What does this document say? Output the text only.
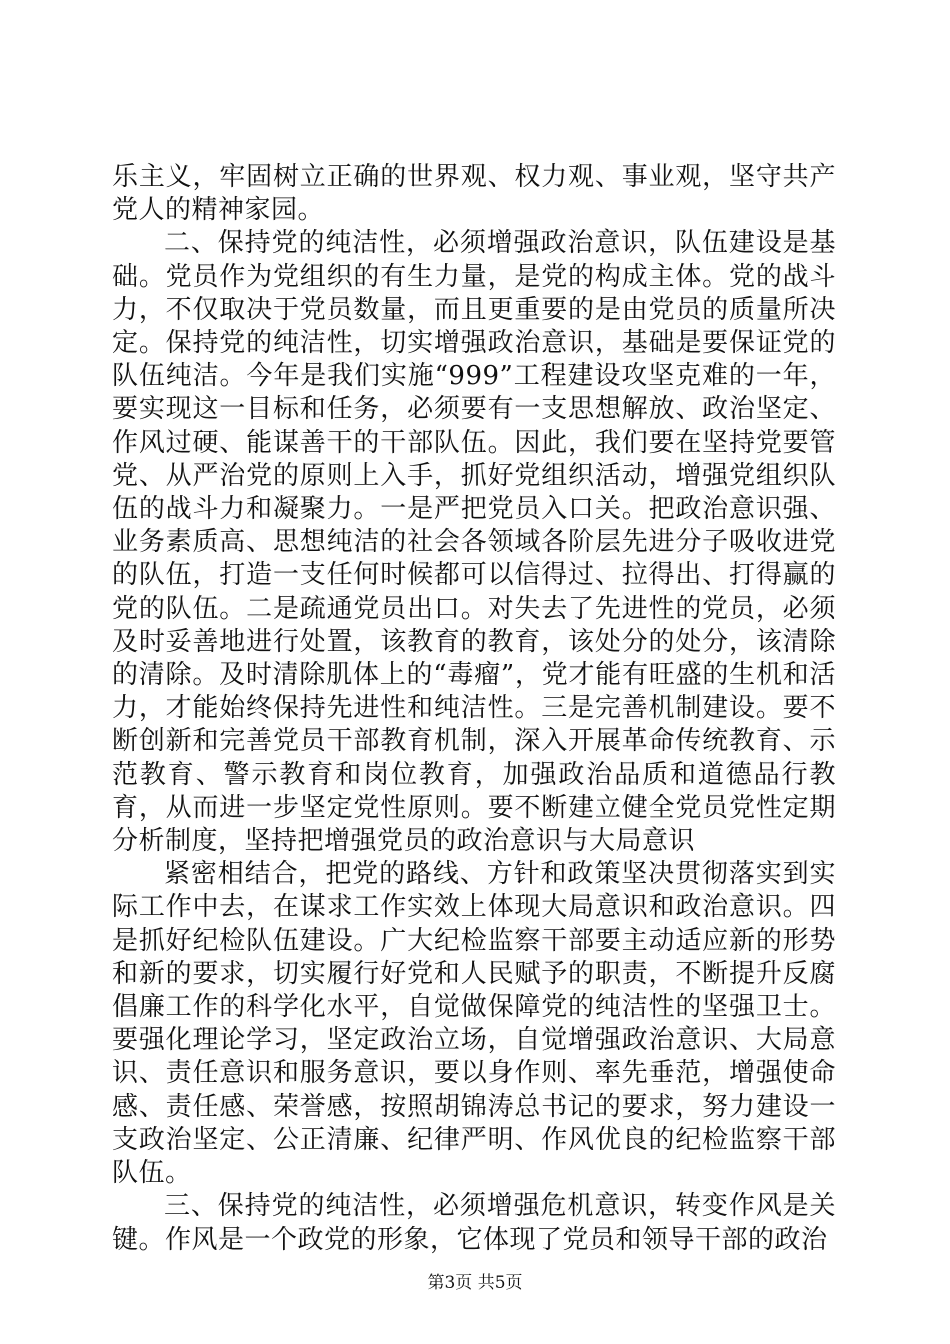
乐主义，牢固树立正确的世界观、权力观、事业观，坚守共产党人的精神家园。

二、保持党的纯洁性，必须增强政治意识，队伍建设是基础。党员作为党组织的有生力量，是党的构成主体。党的战斗力，不仅取决于党员数量，而且更重要的是由党员的质量所决定。保持党的纯洁性，切实增强政治意识，基础是要保证党的队伍纯洁。今年是我们实施“999”工程建设攻坚克难的一年，要实现这一目标和任务，必须要有一支思想解放、政治坚定、作风过硬、能谋善干的干部队伍。因此，我们要在坚持党要管党、从严治党的原则上入手，抓好党组织活动，增强党组织队伍的战斗力和凝聚力。一是严把党员入口关。把政治意识强、业务素质高、思想纯洁的社会各领域各阶层先进分子吸收进党的队伍，打造一支任何时候都可以信得过、拉得出、打得赢的党的队伍。二是疏通党员出口。对失去了先进性的党员，必须及时妥善地进行处置，该教育的教育，该处分的处分，该清除的清除。及时清除肌体上的“毒瘤”，党才能有旺盛的生机和活力，才能始终保持先进性和纯洁性。三是完善机制建设。要不断创新和完善党员干部教育机制，深入开展革命传统教育、示范教育、警示教育和岗位教育，加强政治品质和道德品行教育，从而进一步坚定党性原则。要不断建立健全党员党性定期分析制度，坚持把增强党员的政治意识与大局意识

紧密相结合，把党的路线、方针和政策坚决贯彻落实到实际工作中去，在谋求工作实效上体现大局意识和政治意识。四是抓好纪检队伍建设。广大纪检监察干部要主动适应新的形势和新的要求，切实履行好党和人民赋予的职责，不断提升反腐倡廉工作的科学化水平，自觉做保障党的纯洁性的坚强卫士。要强化理论学习，坚定政治立场，自觉增强政治意识、大局意识、责任意识和服务意识，要以身作则、率先垂范，增强使命感、责任感、荣誉感，按照胡锦涛总书记的要求，努力建设一支政治坚定、公正清廉、纪律严明、作风优良的纪检监察干部队伍。

三、保持党的纯洁性，必须增强危机意识，转变作风是关键。作风是一个政党的形象，它体现了党员和领导干部的政治

第3页 共5页
